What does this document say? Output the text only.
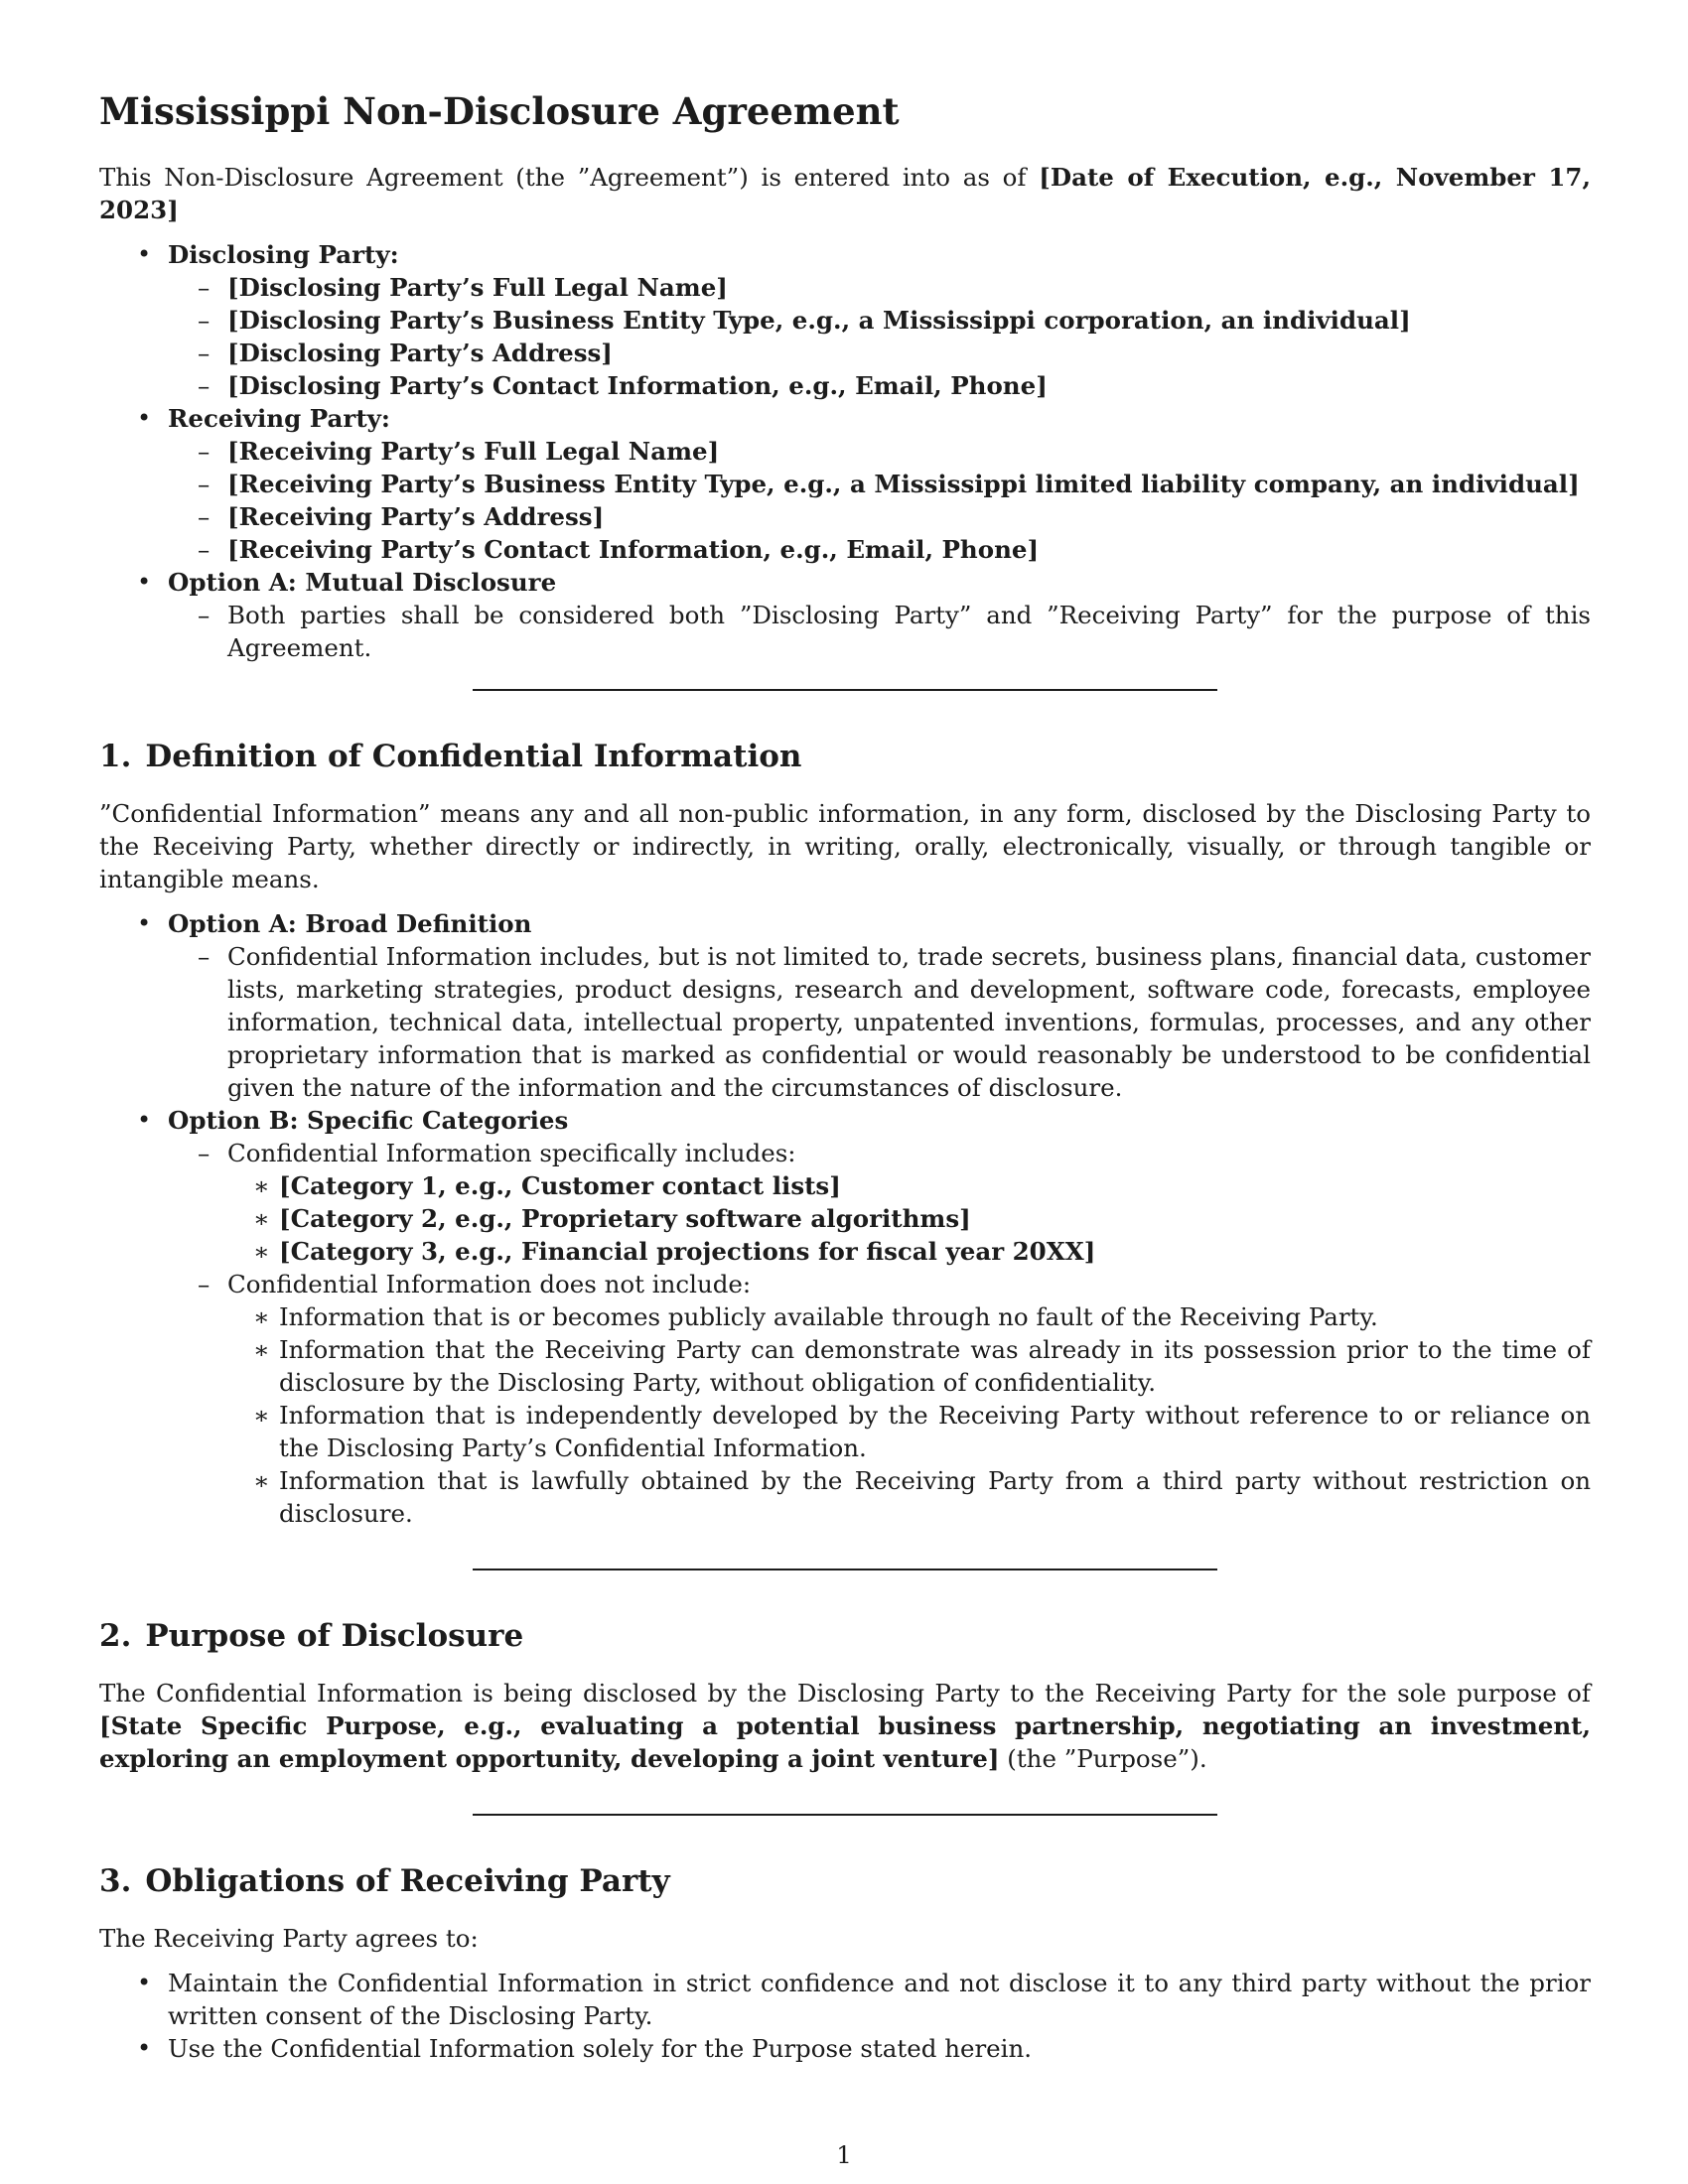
Mississippi Non-Disclosure Agreement

This Non-Disclosure Agreement (the ”Agreement”) is entered into as of [Date of Execution, e.g., November 17, 2023]

• Disclosing Party:
– [Disclosing Party’s Full Legal Name]
– [Disclosing Party’s Business Entity Type, e.g., a Mississippi corporation, an individual]
– [Disclosing Party’s Address]
– [Disclosing Party’s Contact Information, e.g., Email, Phone]
• Receiving Party:
– [Receiving Party’s Full Legal Name]
– [Receiving Party’s Business Entity Type, e.g., a Mississippi limited liability company, an individual]
– [Receiving Party’s Address]
– [Receiving Party’s Contact Information, e.g., Email, Phone]
• Option A: Mutual Disclosure
– Both parties shall be considered both ”Disclosing Party” and ”Receiving Party” for the purpose of this Agreement.
1. Definition of Confidential Information

”Confidential Information” means any and all non-public information, in any form, disclosed by the Disclosing Party to the Receiving Party, whether directly or indirectly, in writing, orally, electronically, visually, or through tangible or intangible means.

• Option A: Broad Definition
– Confidential Information includes, but is not limited to, trade secrets, business plans, financial data, customer lists, marketing strategies, product designs, research and development, software code, forecasts, employee information, technical data, intellectual property, unpatented inventions, formulas, processes, and any other proprietary information that is marked as confidential or would reasonably be understood to be confidential given the nature of the information and the circumstances of disclosure.
• Option B: Specific Categories
– Confidential Information specifically includes:
∗ [Category 1, e.g., Customer contact lists]
∗ [Category 2, e.g., Proprietary software algorithms]
∗ [Category 3, e.g., Financial projections for fiscal year 20XX]
– Confidential Information does not include:
∗ Information that is or becomes publicly available through no fault of the Receiving Party.
∗ Information that the Receiving Party can demonstrate was already in its possession prior to the time of disclosure by the Disclosing Party, without obligation of confidentiality.
∗ Information that is independently developed by the Receiving Party without reference to or reliance on the Disclosing Party’s Confidential Information.
∗ Information that is lawfully obtained by the Receiving Party from a third party without restriction on disclosure.
2. Purpose of Disclosure

The Confidential Information is being disclosed by the Disclosing Party to the Receiving Party for the sole purpose of [State Specific Purpose, e.g., evaluating a potential business partnership, negotiating an investment, exploring an employment opportunity, developing a joint venture] (the ”Purpose”).

3. Obligations of Receiving Party

The Receiving Party agrees to:

• Maintain the Confidential Information in strict confidence and not disclose it to any third party without the prior written consent of the Disclosing Party.
• Use the Confidential Information solely for the Purpose stated herein.
1
